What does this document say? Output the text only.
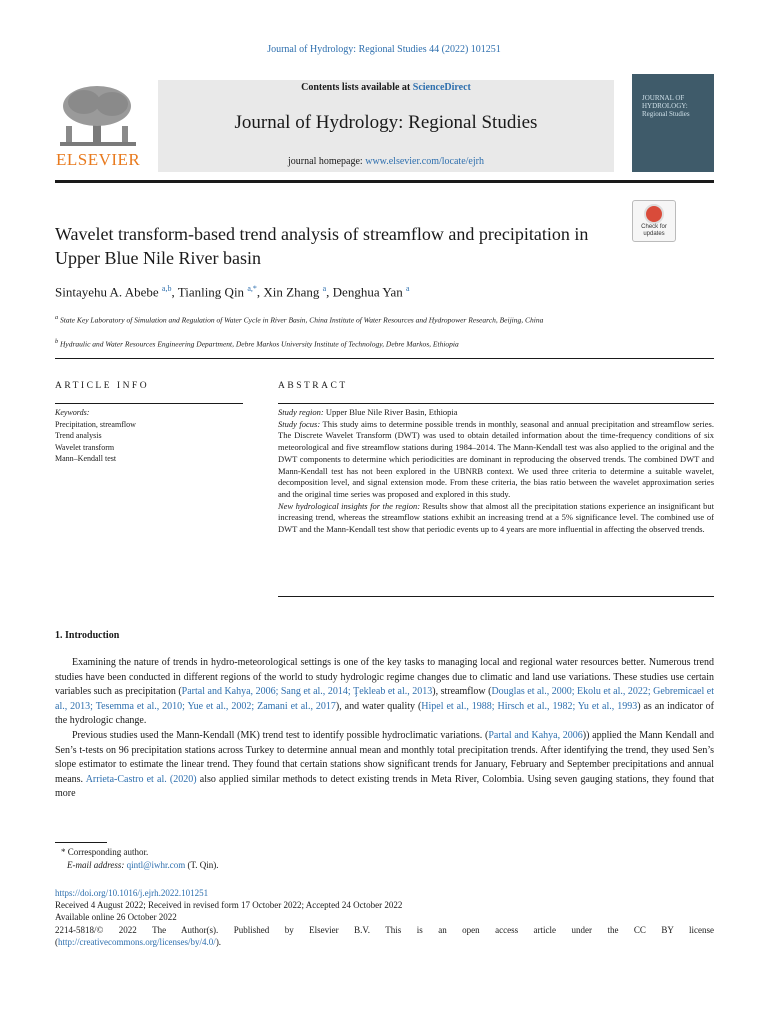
Journal of Hydrology: Regional Studies 44 (2022) 101251
ELSEVIER
Contents lists available at ScienceDirect
Journal of Hydrology: Regional Studies
journal homepage: www.elsevier.com/locate/ejrh
JOURNAL OF HYDROLOGY: Regional Studies
Check for updates
Wavelet transform-based trend analysis of streamflow and precipitation in Upper Blue Nile River basin
Sintayehu A. Abebe $^{a,b}$, Tianling Qin $^{a,*}$, Xin Zhang $^a$, Denghua Yan $^a$
$^a$ State Key Laboratory of Simulation and Regulation of Water Cycle in River Basin, China Institute of Water Resources and Hydropower Research, Beijing, China
$^b$ Hydraulic and Water Resources Engineering Department, Debre Markos University Institute of Technology, Debre Markos, Ethiopia
ARTICLE INFO
Keywords:
Precipitation, streamflow
Trend analysis
Wavelet transform
Mann–Kendall test
ABSTRACT

Study region: Upper Blue Nile River Basin, Ethiopia

Study focus: This study aims to determine possible trends in monthly, seasonal and annual precipitation and streamflow series. The Discrete Wavelet Transform (DWT) was used to obtain detailed information about the time-frequency conditions of six meteorological and five streamflow stations during 1984–2014. The Mann-Kendall test was also applied to the original and the DWT components to determine which periodicities are dominant in reproducing the observed trends. The combined DWT and Mann-Kendall test has not been explored in the UBNRB context. We used three criteria to determine a suitable wavelet, decomposition level, and signal extension mode. From these criteria, the bias ratio between the wavelet approximation series and the original time series was proposed and explored in this study.

New hydrological insights for the region: Results show that almost all the precipitation stations experience an insignificant but increasing trend, whereas the streamflow stations exhibit an increasing trend at a 5% significance level. The combined use of DWT and the Mann-Kendall test show that periodic events up to 4 years are more influential in affecting the observed trends.

1. Introduction

Examining the nature of trends in hydro-meteorological settings is one of the key tasks to managing local and regional water resources better. Numerous trend studies have been conducted in different regions of the world to study hydrologic regime changes due to climatic and land use variations. These studies use certain variables such as precipitation (Partal and Kahya, 2006; Sang et al., 2014; Ţekleab et al., 2013), streamflow (Douglas et al., 2000; Ekolu et al., 2022; Gebremicael et al., 2013; Tesemma et al., 2010; Yue et al., 2002; Zamani et al., 2017), and water quality (Hipel et al., 1988; Hirsch et al., 1982; Yu et al., 1993) as an indicator of the hydrologic change.

Previous studies used the Mann-Kendall (MK) trend test to identify possible hydroclimatic variations. (Partal and Kahya, 2006)) applied the Mann Kendall and Sen’s t-tests on 96 precipitation stations across Turkey to determine annual mean and monthly total precipitation trends. After identifying the trend, they used Sen’s slope estimator to estimate the linear trend. They found that certain stations show significant trends for January, February and September precipitations and annual means. Arrieta-Castro et al. (2020) also applied similar methods to detect existing trends in Meta River, Colombia. Using seven gauging stations, they found that more

* Corresponding author.
E-mail address: qintl@iwhr.com (T. Qin).
https://doi.org/10.1016/j.ejrh.2022.101251
Received 4 August 2022; Received in revised form 17 October 2022; Accepted 24 October 2022
Available online 26 October 2022
2214-5818/© 2022 The Author(s). Published by Elsevier B.V. This is an open access article under the CC BY license
(http://creativecommons.org/licenses/by/4.0/).
